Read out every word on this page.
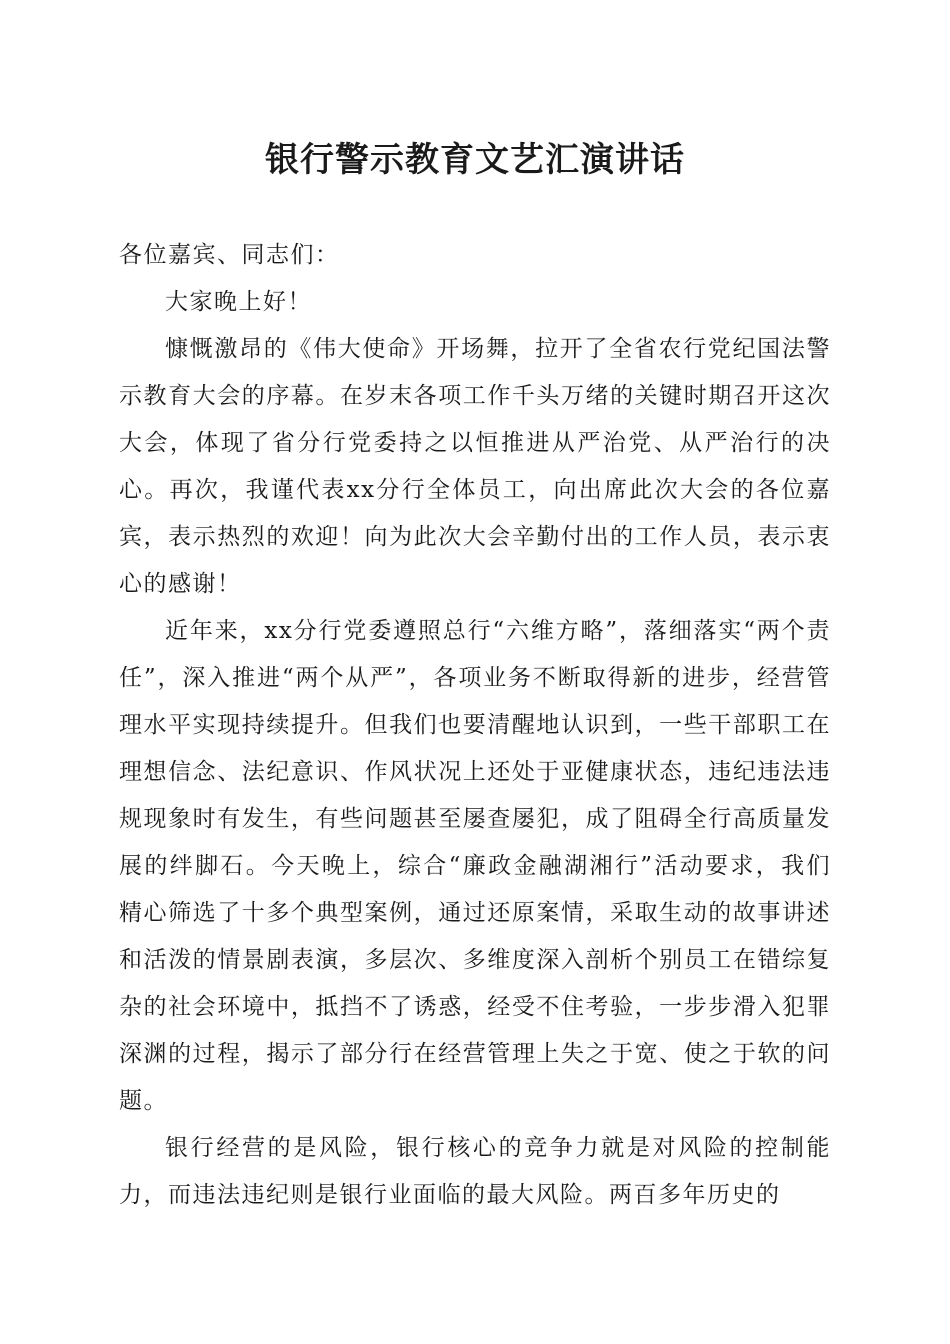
银行警示教育文艺汇演讲话

各位嘉宾、同志们：

大家晚上好！

慷慨激昂的《伟大使命》开场舞，拉开了全省农行党纪国法警示教育大会的序幕。在岁末各项工作千头万绪的关键时期召开这次大会，体现了省分行党委持之以恒推进从严治党、从严治行的决心。再次，我谨代表xx分行全体员工，向出席此次大会的各位嘉宾，表示热烈的欢迎！向为此次大会辛勤付出的工作人员，表示衷心的感谢！

近年来，xx分行党委遵照总行“六维方略”，落细落实“两个责任”，深入推进“两个从严”，各项业务不断取得新的进步，经营管理水平实现持续提升。但我们也要清醒地认识到，一些干部职工在理想信念、法纪意识、作风状况上还处于亚健康状态，违纪违法违规现象时有发生，有些问题甚至屡查屡犯，成了阻碍全行高质量发展的绊脚石。今天晚上，综合“廉政金融湖湘行”活动要求，我们精心筛选了十多个典型案例，通过还原案情，采取生动的故事讲述和活泼的情景剧表演，多层次、多维度深入剖析个别员工在错综复杂的社会环境中，抵挡不了诱惑，经受不住考验，一步步滑入犯罪深渊的过程，揭示了部分行在经营管理上失之于宽、使之于软的问题。

银行经营的是风险，银行核心的竞争力就是对风险的控制能力，而违法违纪则是银行业面临的最大风险。两百多年历史的
